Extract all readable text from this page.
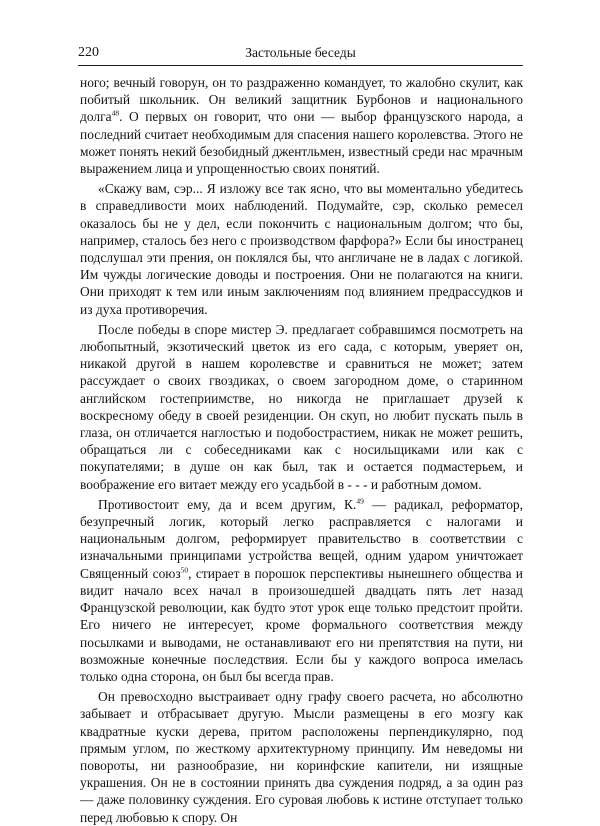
220	Застольные беседы

ного; вечный говорун, он то раздраженно командует, то жалобно скулит, как побитый школьник. Он великий защитник Бурбонов и национального долга$^{48}$. О первых он говорит, что они — выбор французского народа, а последний считает необходимым для спасения нашего королевства. Этого не может понять некий безобидный джентльмен, известный среди нас мрачным выражением лица и упрощенностью своих понятий.

«Скажу вам, сэр... Я изложу все так ясно, что вы моментально убедитесь в справедливости моих наблюдений. Подумайте, сэр, сколько ремесел оказалось бы не у дел, если покончить с национальным долгом; что бы, например, сталось без него с производством фарфора?» Если бы иностранец подслушал эти прения, он поклялся бы, что англичане не в ладах с логикой. Им чужды логические доводы и построения. Они не полагаются на книги. Они приходят к тем или иным заключениям под влиянием предрассудков и из духа противоречия.

После победы в споре мистер Э. предлагает собравшимся посмотреть на любопытный, экзотический цветок из его сада, с которым, уверяет он, никакой другой в нашем королевстве и сравниться не может; затем рассуждает о своих гвоздиках, о своем загородном доме, о старинном английском гостеприимстве, но никогда не приглашает друзей к воскресному обеду в своей резиденции. Он скуп, но любит пускать пыль в глаза, он отличается наглостью и подобострастием, никак не может решить, обращаться ли с собеседниками как с носильщиками или как с покупателями; в душе он как был, так и остается подмастерьем, и воображение его витает между его усадьбой в - - - и работным домом.

Противостоит ему, да и всем другим, К.$^{49}$ — радикал, реформатор, безупречный логик, который легко расправляется с налогами и национальным долгом, реформирует правительство в соответствии с изначальными принципами устройства вещей, одним ударом уничтожает Священный союз$^{50}$, стирает в порошок перспективы нынешнего общества и видит начало всех начал в произошедшей двадцать пять лет назад Французской революции, как будто этот урок еще только предстоит пройти. Его ничего не интересует, кроме формального соответствия между посылками и выводами, не останавливают его ни препятствия на пути, ни возможные конечные последствия. Если бы у каждого вопроса имелась только одна сторона, он был бы всегда прав.

Он превосходно выстраивает одну графу своего расчета, но абсолютно забывает и отбрасывает другую. Мысли размещены в его мозгу как квадратные куски дерева, притом расположены перпендикулярно, под прямым углом, по жесткому архитектурному принципу. Им неведомы ни повороты, ни разнообразие, ни коринфские капители, ни изящные украшения. Он не в состоянии принять два суждения подряд, а за один раз — даже половинку суждения. Его суровая любовь к истине отступает только перед любовью к спору. Он
